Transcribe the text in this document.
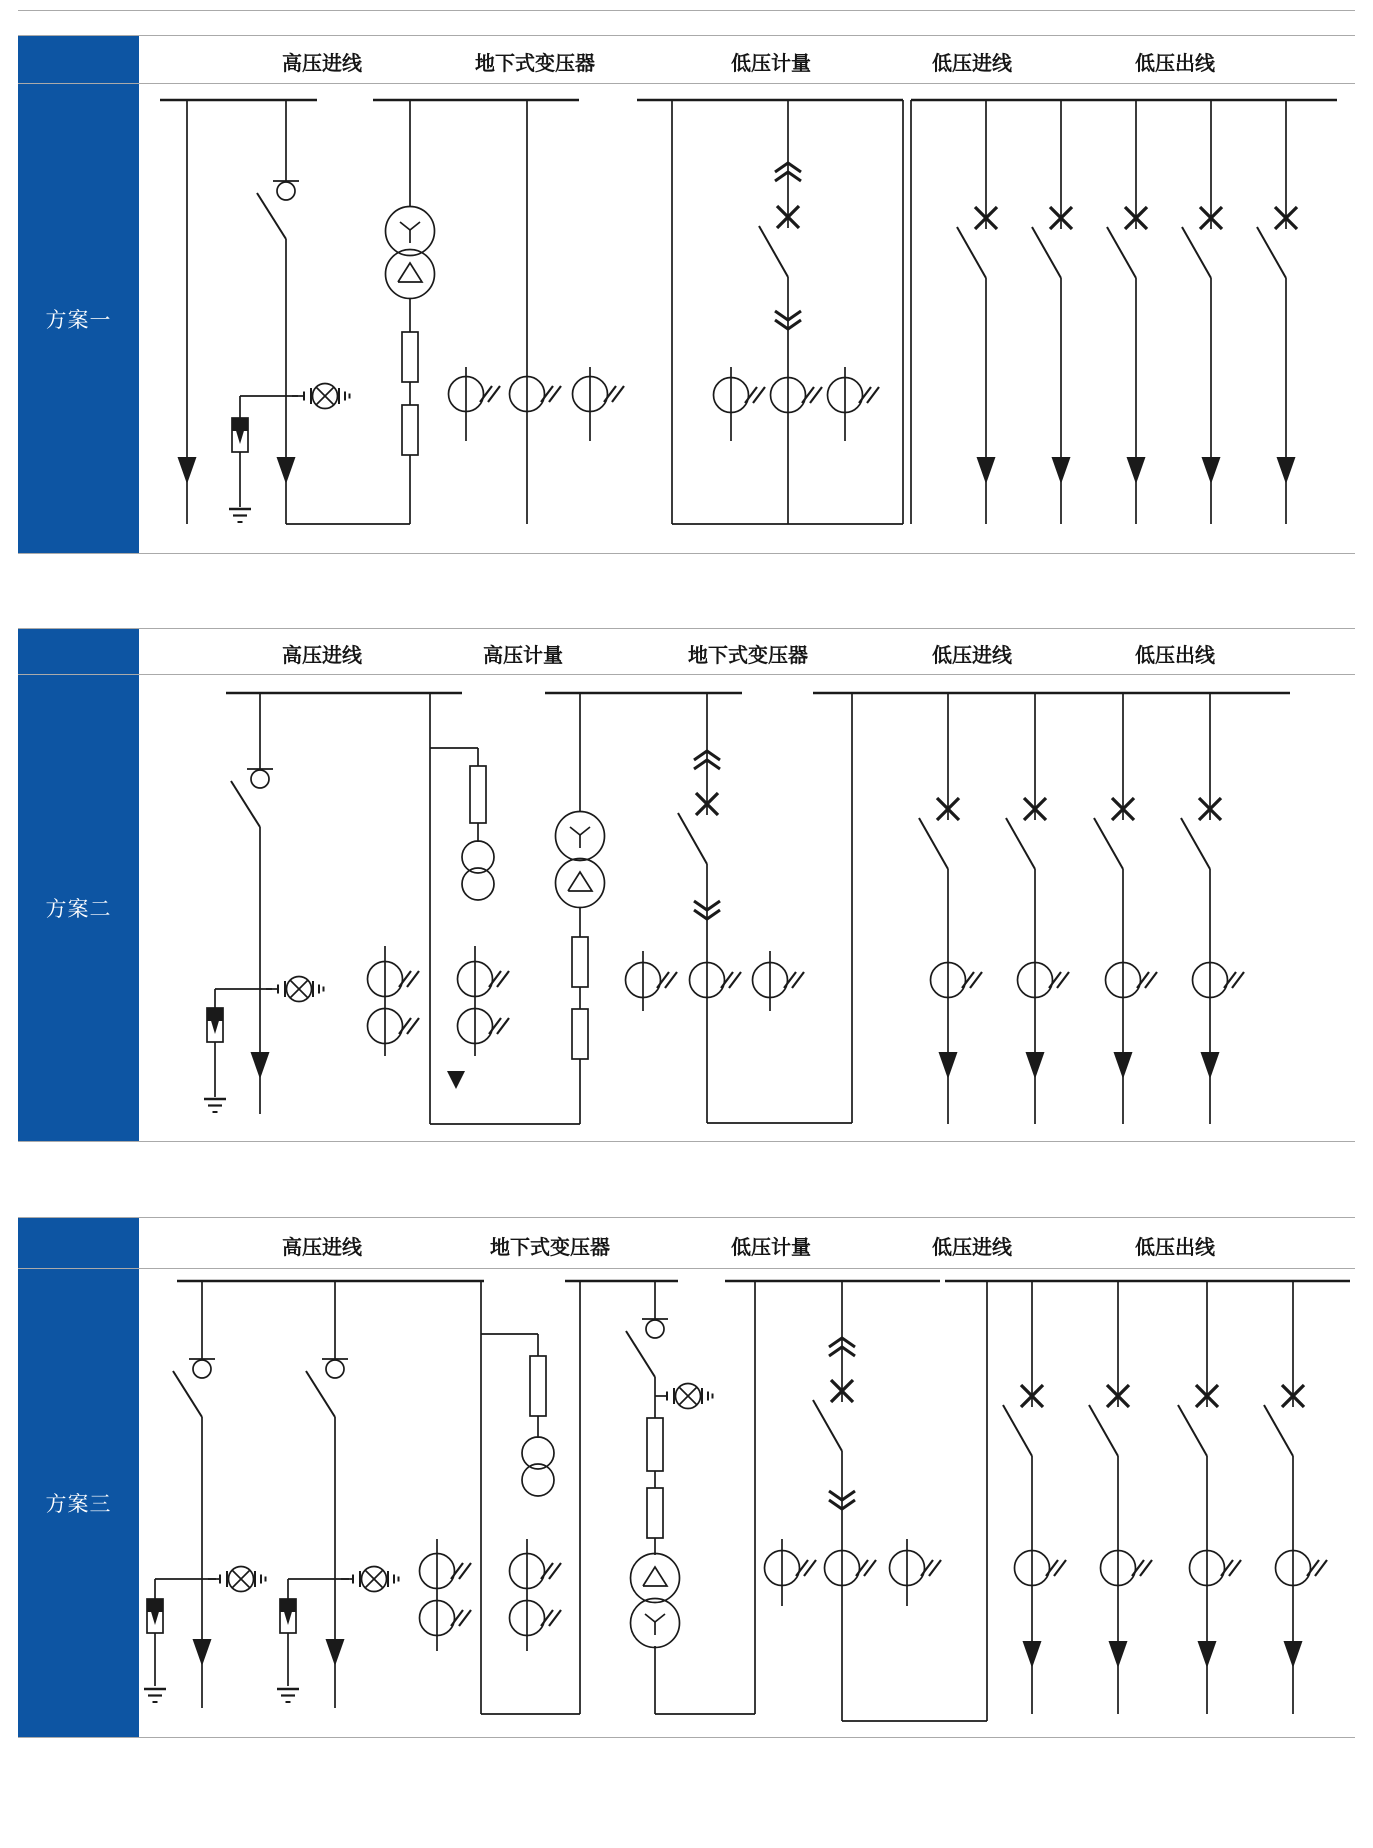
方案一
高压进线	地下式变压器	低压计量	低压进线	低压出线
方案二
高压进线	高压计量	地下式变压器	低压进线	低压出线
方案三
高压进线	地下式变压器	低压计量	低压进线	低压出线
